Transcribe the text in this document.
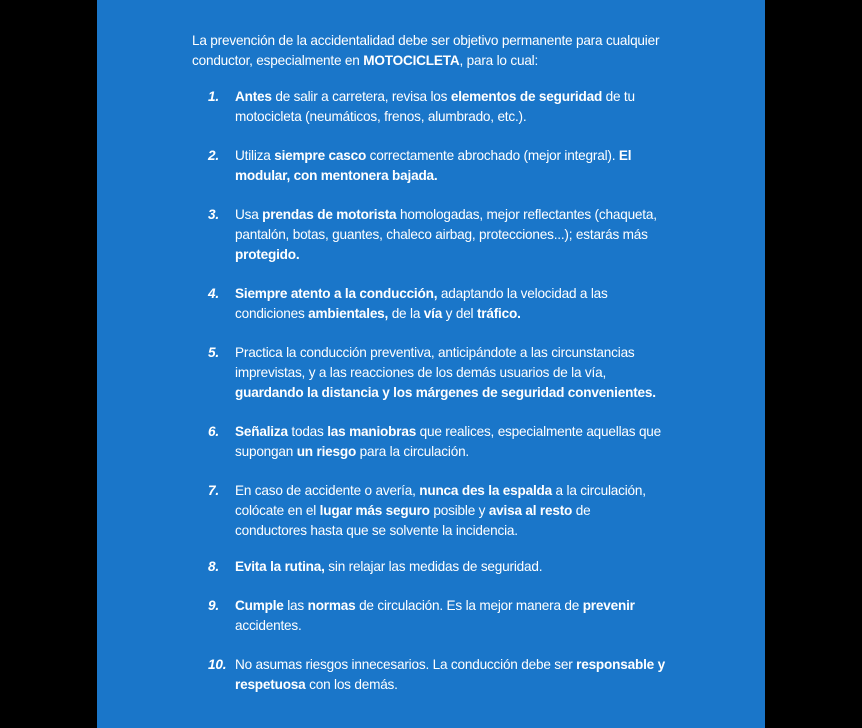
La prevención de la accidentalidad debe ser objetivo permanente para cualquier conductor, especialmente en MOTOCICLETA, para lo cual:

1. Antes de salir a carretera, revisa los elementos de seguridad de tu motocicleta (neumáticos, frenos, alumbrado, etc.).
2. Utiliza siempre casco correctamente abrochado (mejor integral). El modular, con mentonera bajada.
3. Usa prendas de motorista homologadas, mejor reflectantes (chaqueta, pantalón, botas, guantes, chaleco airbag, protecciones...); estarás más protegido.
4. Siempre atento a la conducción, adaptando la velocidad a las condiciones ambientales, de la vía y del tráfico.
5. Practica la conducción preventiva, anticipándote a las circunstancias imprevistas, y a las reacciones de los demás usuarios de la vía, guardando la distancia y los márgenes de seguridad convenientes.
6. Señaliza todas las maniobras que realices, especialmente aquellas que supongan un riesgo para la circulación.
7. En caso de accidente o avería, nunca des la espalda a la circulación, colócate en el lugar más seguro posible y avisa al resto de conductores hasta que se solvente la incidencia.
8. Evita la rutina, sin relajar las medidas de seguridad.
9. Cumple las normas de circulación. Es la mejor manera de prevenir accidentes.
10. No asumas riesgos innecesarios. La conducción debe ser responsable y respetuosa con los demás.
